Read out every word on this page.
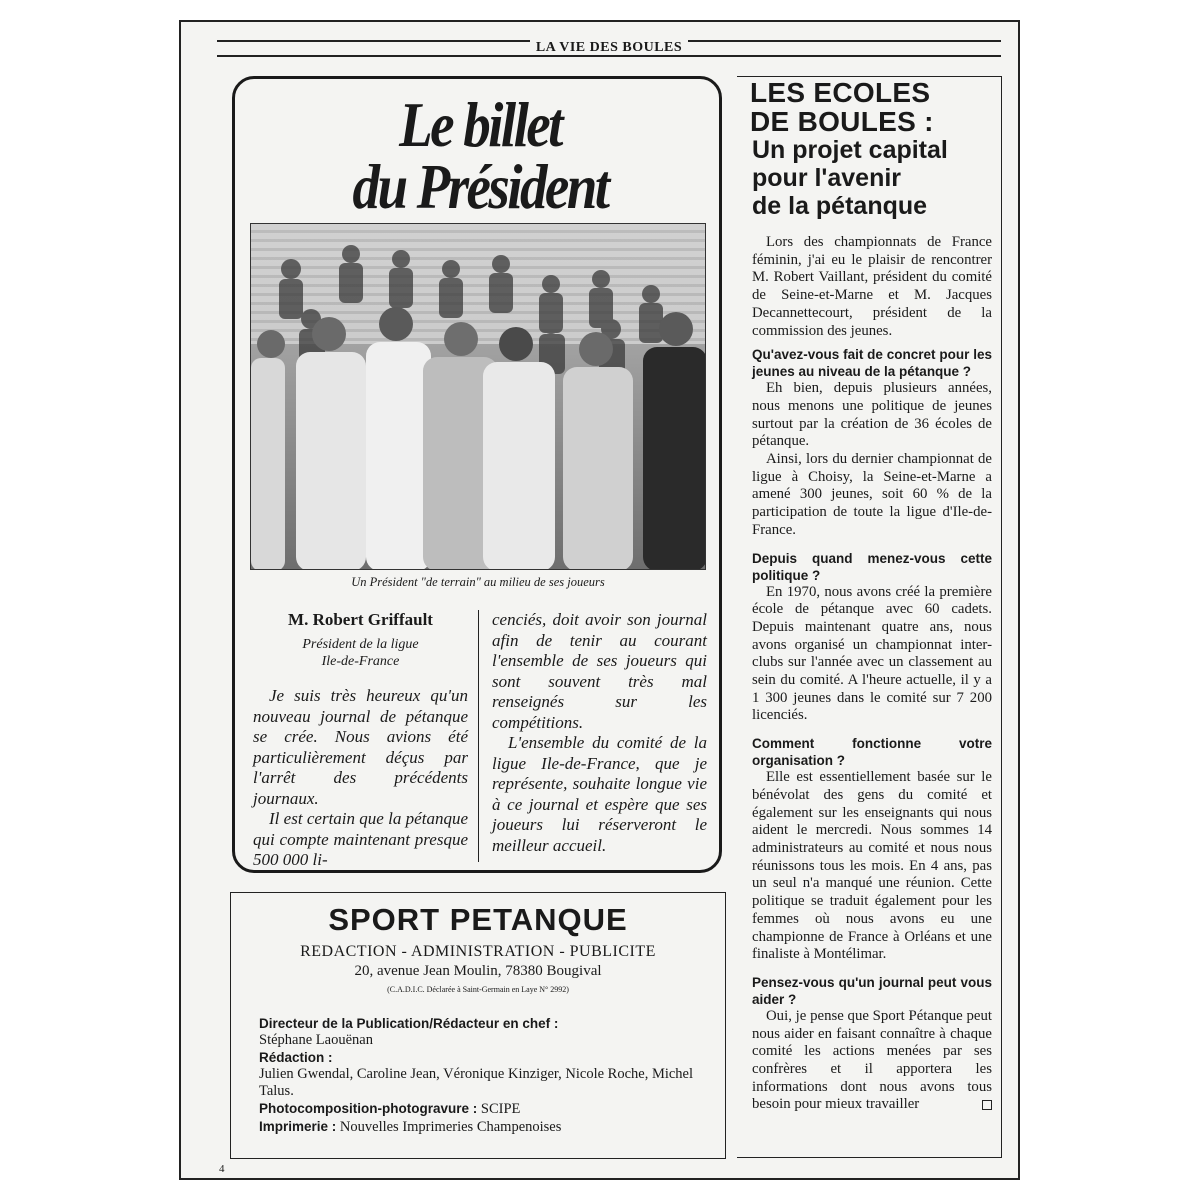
LA VIE DES BOULES
Le billet
du Président
Un Président "de terrain" au milieu de ses joueurs
M. Robert Griffault
Président de la ligue
Ile-de-France

Je suis très heureux qu'un nouveau journal de pétanque se crée. Nous avions été particulièrement déçus par l'arrêt des précédents journaux.

Il est certain que la pétanque qui compte maintenant presque 500 000 li-

cenciés, doit avoir son journal afin de tenir au courant l'ensemble de ses joueurs qui sont souvent très mal renseignés sur les compétitions.

L'ensemble du comité de la ligue Ile-de-France, que je représente, souhaite longue vie à ce journal et espère que ses joueurs lui réserveront le meilleur accueil.

LES ECOLES
DE BOULES :
Un projet capital
pour l'avenir
de la pétanque

Lors des championnats de France féminin, j'ai eu le plaisir de rencontrer M. Robert Vaillant, président du comité de Seine-et-Marne et M. Jacques Decannettecourt, président de la commission des jeunes.

Qu'avez-vous fait de concret pour les jeunes au niveau de la pétanque ?

Eh bien, depuis plusieurs années, nous menons une politique de jeunes surtout par la création de 36 écoles de pétanque.

Ainsi, lors du dernier championnat de ligue à Choisy, la Seine-et-Marne a amené 300 jeunes, soit 60 % de la participation de toute la ligue d'Ile-de-France.

Depuis quand menez-vous cette politique ?

En 1970, nous avons créé la première école de pétanque avec 60 cadets. Depuis maintenant quatre ans, nous avons organisé un championnat inter-clubs sur l'année avec un classement au sein du comité. A l'heure actuelle, il y a 1 300 jeunes dans le comité sur 7 200 licenciés.

Comment fonctionne votre organisation ?

Elle est essentiellement basée sur le bénévolat des gens du comité et également sur les enseignants qui nous aident le mercredi. Nous sommes 14 administrateurs au comité et nous nous réunissons tous les mois. En 4 ans, pas un seul n'a manqué une réunion. Cette politique se traduit également pour les femmes où nous avons eu une championne de France à Orléans et une finaliste à Montélimar.

Pensez-vous qu'un journal peut vous aider ?

Oui, je pense que Sport Pétanque peut nous aider en faisant connaître à chaque comité les actions menées par ses confrères et il apportera les informations dont nous avons tous besoin pour mieux travailler

SPORT PETANQUE
REDACTION - ADMINISTRATION - PUBLICITE
20, avenue Jean Moulin, 78380 Bougival
(C.A.D.I.C. Déclarée à Saint-Germain en Laye N° 2992)
Directeur de la Publication/Rédacteur en chef :
Stéphane Laouënan
Rédaction :
Julien Gwendal, Caroline Jean, Véronique Kinziger, Nicole Roche, Michel Talus.
Photocomposition-photogravure : SCIPE
Imprimerie : Nouvelles Imprimeries Champenoises
4
